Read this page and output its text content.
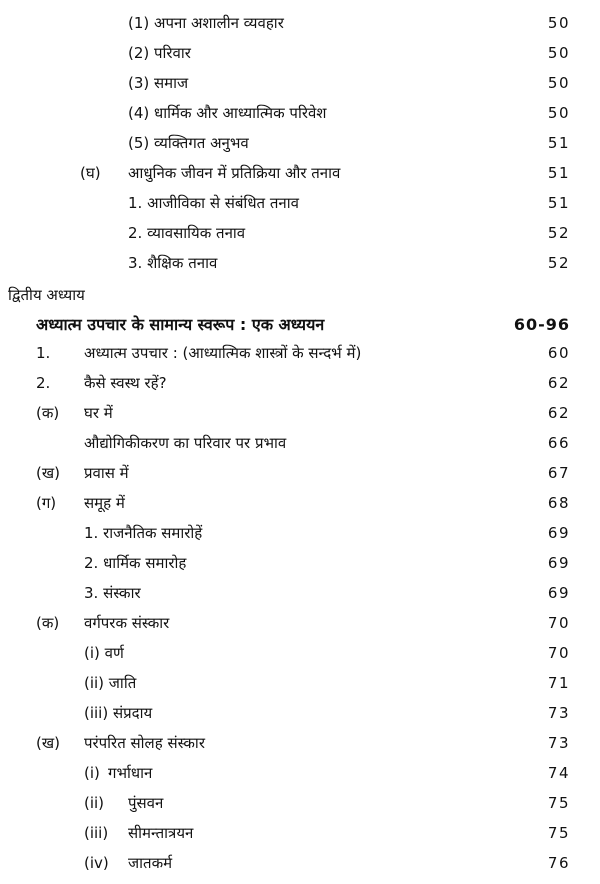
(1) अपना अशालीन व्यवहार	50
(2) परिवार	50
(3) समाज	50
(4) धार्मिक और आध्यात्मिक परिवेश	50
(5) व्यक्तिगत अनुभव	51
(घ) आधुनिक जीवन में प्रतिक्रिया और तनाव	51
1. आजीविका से संबंधित तनाव	51
2. व्यावसायिक तनाव	52
3. शैक्षिक तनाव	52
द्वितीय अध्याय
अध्यात्म उपचार के सामान्य स्वरूप : एक अध्ययन	60-96
1. अध्यात्म उपचार : (आध्यात्मिक शास्त्रों के सन्दर्भ में)	60
2. कैसे स्वस्थ रहें?	62
(क) घर में	62
औद्योगिकीकरण का परिवार पर प्रभाव	66
(ख) प्रवास में	67
(ग) समूह में	68
1. राजनैतिक समारोहें	69
2. धार्मिक समारोह	69
3. संस्कार	69
(क) वर्गपरक संस्कार	70
(i) वर्ण	70
(ii) जाति	71
(iii) संप्रदाय	73
(ख) परंपरित सोलह संस्कार	73
(i) गर्भाधान	74
(ii) पुंसवन	75
(iii) सीमन्तात्रयन	75
(iv) जातकर्म	76
